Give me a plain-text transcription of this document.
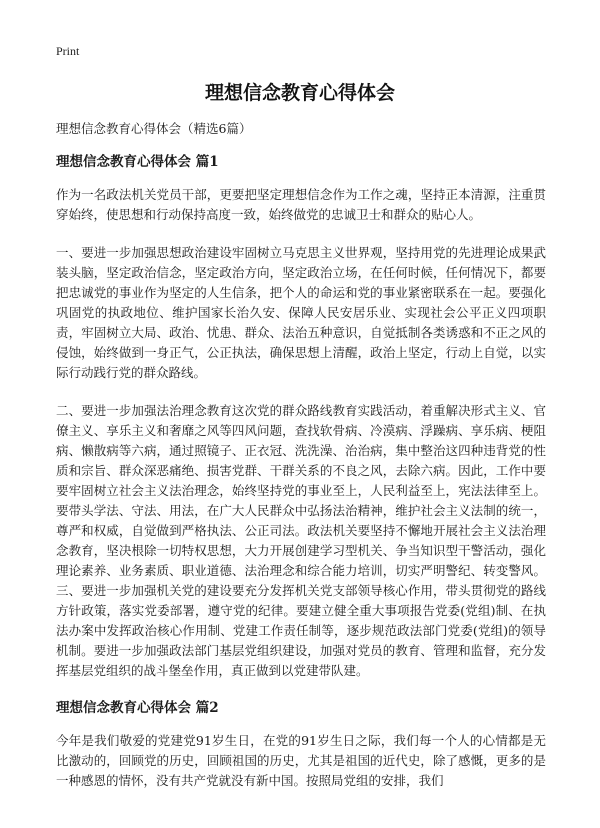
Print
理想信念教育心得体会
理想信念教育心得体会（精选6篇）
理想信念教育心得体会 篇1

作为一名政法机关党员干部，更要把坚定理想信念作为工作之魂，坚持正本清源，注重贯穿始终，使思想和行动保持高度一致，始终做党的忠诚卫士和群众的贴心人。

一、要进一步加强思想政治建设牢固树立马克思主义世界观，坚持用党的先进理论成果武装头脑，坚定政治信念，坚定政治方向，坚定政治立场，在任何时候，任何情况下，都要把忠诚党的事业作为坚定的人生信条，把个人的命运和党的事业紧密联系在一起。要强化巩固党的执政地位、维护国家长治久安、保障人民安居乐业、实现社会公平正义四项职责，牢固树立大局、政治、忧患、群众、法治五种意识，自觉抵制各类诱惑和不正之风的侵蚀，始终做到一身正气，公正执法，确保思想上清醒，政治上坚定，行动上自觉，以实际行动践行党的群众路线。

二、要进一步加强法治理念教育这次党的群众路线教育实践活动，着重解决形式主义、官僚主义、享乐主义和奢靡之风等四风问题，查找软骨病、冷漠病、浮躁病、享乐病、梗阻病、懒散病等六病，通过照镜子、正衣冠、洗洗澡、治治病，集中整治这四种违背党的性质和宗旨、群众深恶痛绝、损害党群、干群关系的不良之风，去除六病。因此，工作中要要牢固树立社会主义法治理念，始终坚持党的事业至上，人民利益至上，宪法法律至上。要带头学法、守法、用法，在广大人民群众中弘扬法治精神，维护社会主义法制的统一，尊严和权威，自觉做到严格执法、公正司法。政法机关要坚持不懈地开展社会主义法治理念教育，坚决根除一切特权思想，大力开展创建学习型机关、争当知识型干警活动，强化理论素养、业务素质、职业道德、法治理念和综合能力培训，切实严明警纪、转变警风。三、要进一步加强机关党的建设要充分发挥机关党支部领导核心作用，带头贯彻党的路线方针政策，落实党委部署，遵守党的纪律。要建立健全重大事项报告党委(党组)制、在执法办案中发挥政治核心作用制、党建工作责任制等，逐步规范政法部门党委(党组)的领导机制。要进一步加强政法部门基层党组织建设，加强对党员的教育、管理和监督，充分发挥基层党组织的战斗堡垒作用，真正做到以党建带队建。

理想信念教育心得体会 篇2

今年是我们敬爱的党建党91岁生日，在党的91岁生日之际，我们每一个人的心情都是无比激动的，回顾党的历史，回顾祖国的历史，尤其是祖国的近代史，除了感慨，更多的是一种感恩的情怀，没有共产党就没有新中国。按照局党组的安排，我们
